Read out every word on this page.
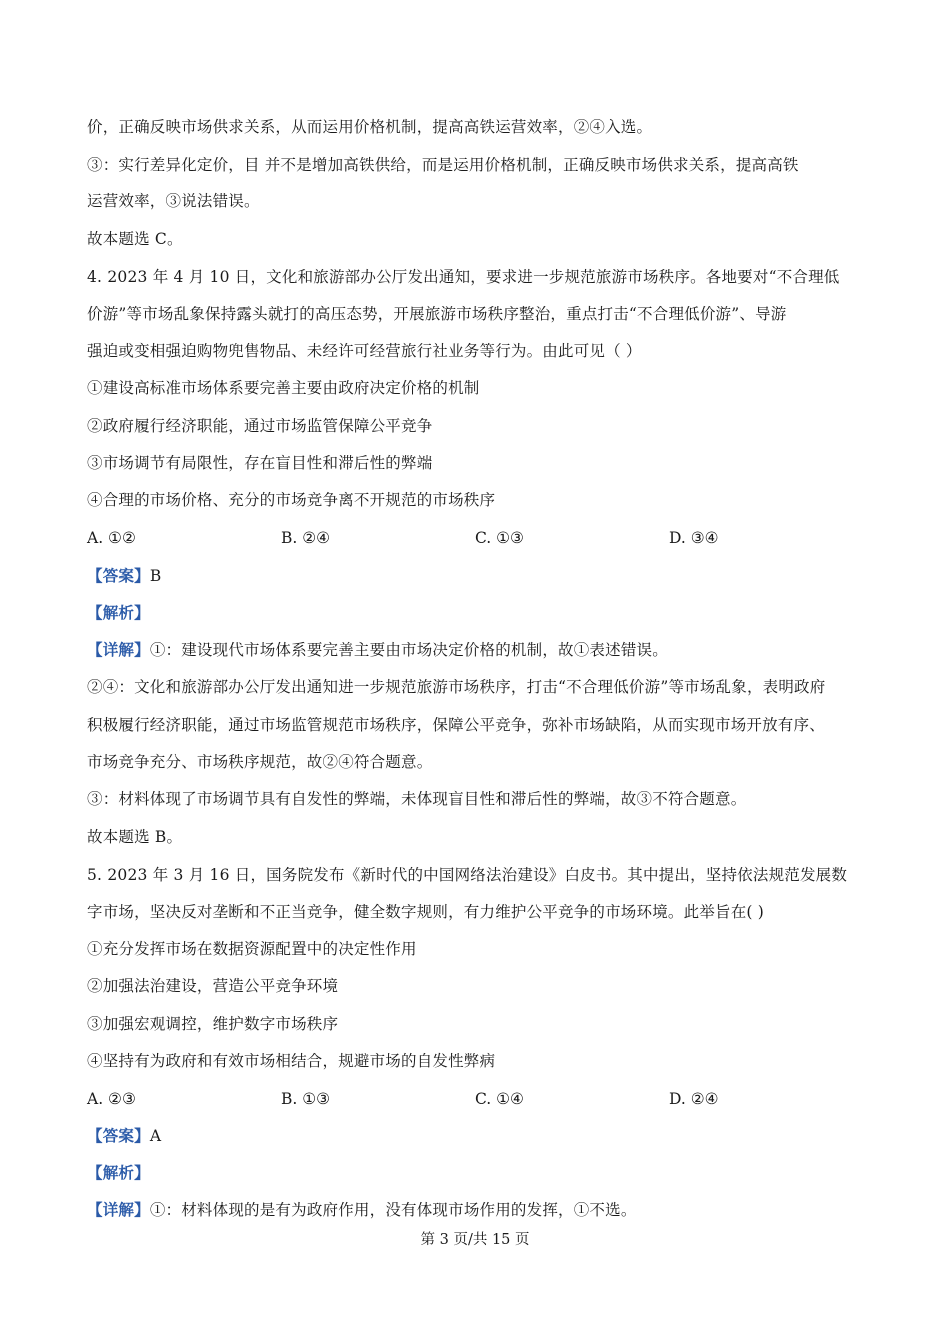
价，正确反映市场供求关系，从而运用价格机制，提高高铁运营效率，②④入选。
③：实行差异化定价，目 并不是增加高铁供给，而是运用价格机制，正确反映市场供求关系，提高高铁
运营效率，③说法错误。
故本题选 C。
4. 2023 年 4 月 10 日，文化和旅游部办公厅发出通知，要求进一步规范旅游市场秩序。各地要对“不合理低
价游”等市场乱象保持露头就打的高压态势，开展旅游市场秩序整治，重点打击“不合理低价游”、导游
强迫或变相强迫购物兜售物品、未经许可经营旅行社业务等行为。由此可见（ ）
①建设高标准市场体系要完善主要由政府决定价格的机制
②政府履行经济职能，通过市场监管保障公平竞争
③市场调节有局限性，存在盲目性和滞后性的弊端
④合理的市场价格、充分的市场竞争离不开规范的市场秩序
A. ①②	B. ②④	C. ①③	D. ③④
【答案】B
【解析】
【详解】①：建设现代市场体系要完善主要由市场决定价格的机制，故①表述错误。
②④：文化和旅游部办公厅发出通知进一步规范旅游市场秩序，打击“不合理低价游”等市场乱象，表明政府
积极履行经济职能，通过市场监管规范市场秩序，保障公平竞争，弥补市场缺陷，从而实现市场开放有序、
市场竞争充分、市场秩序规范，故②④符合题意。
③：材料体现了市场调节具有自发性的弊端，未体现盲目性和滞后性的弊端，故③不符合题意。
故本题选 B。
5. 2023 年 3 月 16 日，国务院发布《新时代的中国网络法治建设》白皮书。其中提出，坚持依法规范发展数
字市场，坚决反对垄断和不正当竞争，健全数字规则，有力维护公平竞争的市场环境。此举旨在( )
①充分发挥市场在数据资源配置中的决定性作用
②加强法治建设，营造公平竞争环境
③加强宏观调控，维护数字市场秩序
④坚持有为政府和有效市场相结合，规避市场的自发性弊病
A. ②③	B. ①③	C. ①④	D. ②④
【答案】A
【解析】
【详解】①：材料体现的是有为政府作用，没有体现市场作用的发挥，①不选。
第 3 页/共 15 页
